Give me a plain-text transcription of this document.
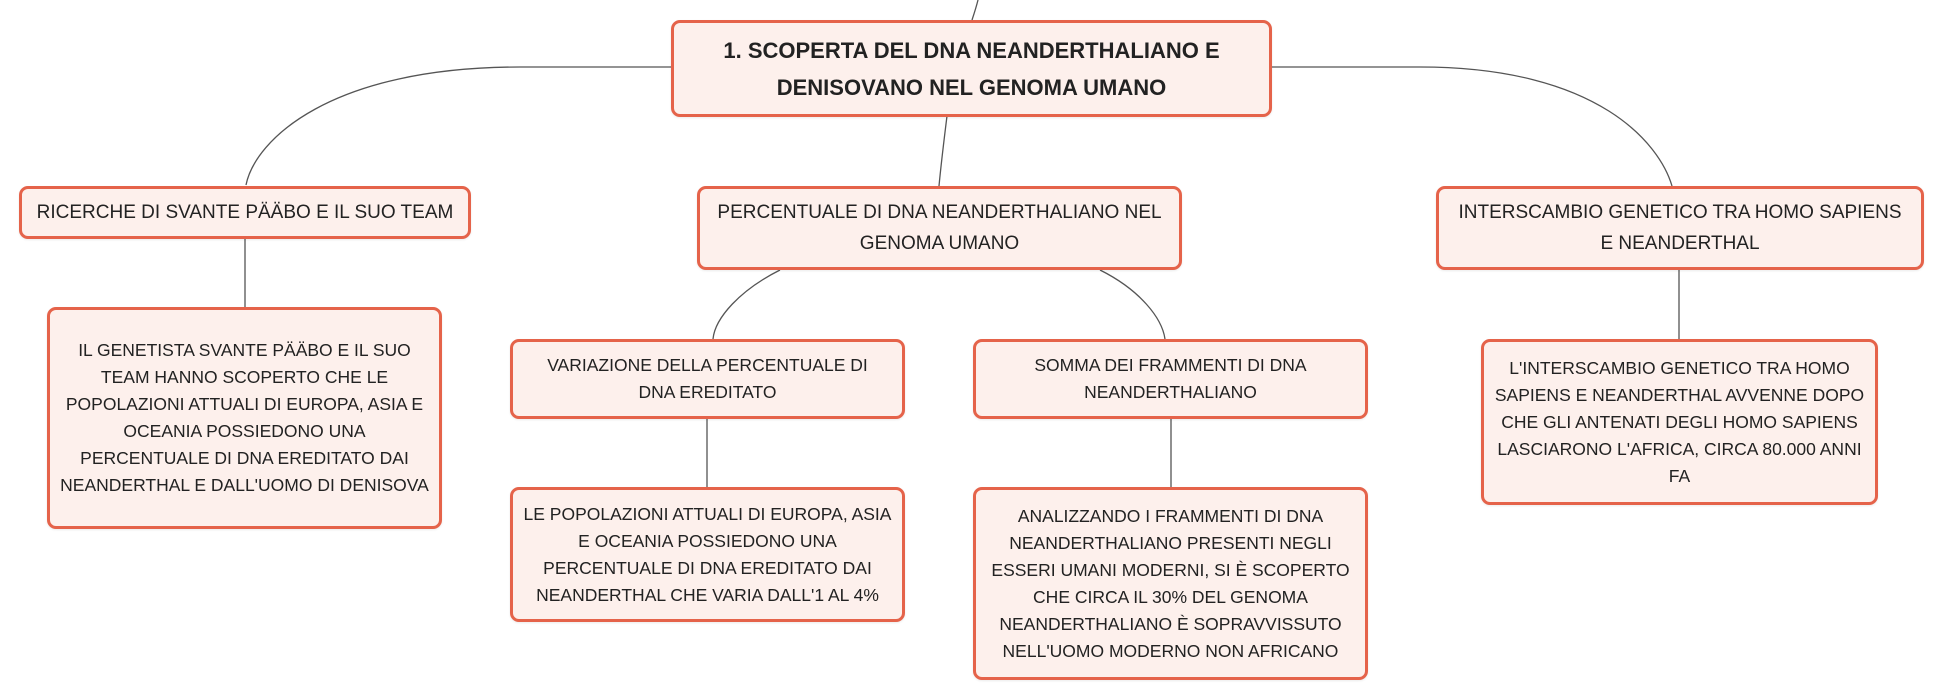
1. SCOPERTA DEL DNA NEANDERTHALIANO E DENISOVANO NEL GENOMA UMANO
RICERCHE DI SVANTE PÄÄBO E IL SUO TEAM	PERCENTUALE DI DNA NEANDERTHALIANO NEL GENOMA UMANO
INTERSCAMBIO GENETICO TRA HOMO SAPIENS E NEANDERTHAL
IL GENETISTA SVANTE PÄÄBO E IL SUO TEAM HANNO SCOPERTO CHE LE POPOLAZIONI ATTUALI DI EUROPA, ASIA E OCEANIA POSSIEDONO UNA PERCENTUALE DI DNA EREDITATO DAI NEANDERTHAL E DALL'UOMO DI DENISOVA
VARIAZIONE DELLA PERCENTUALE DI DNA EREDITATO
SOMMA DEI FRAMMENTI DI DNA NEANDERTHALIANO
L'INTERSCAMBIO GENETICO TRA HOMO SAPIENS E NEANDERTHAL AVVENNE DOPO CHE GLI ANTENATI DEGLI HOMO SAPIENS LASCIARONO L'AFRICA, CIRCA 80.000 ANNI FA
LE POPOLAZIONI ATTUALI DI EUROPA, ASIA E OCEANIA POSSIEDONO UNA PERCENTUALE DI DNA EREDITATO DAI NEANDERTHAL CHE VARIA DALL'1 AL 4%
ANALIZZANDO I FRAMMENTI DI DNA NEANDERTHALIANO PRESENTI NEGLI ESSERI UMANI MODERNI, SI È SCOPERTO CHE CIRCA IL 30% DEL GENOMA NEANDERTHALIANO È SOPRAVVISSUTO NELL'UOMO MODERNO NON AFRICANO
